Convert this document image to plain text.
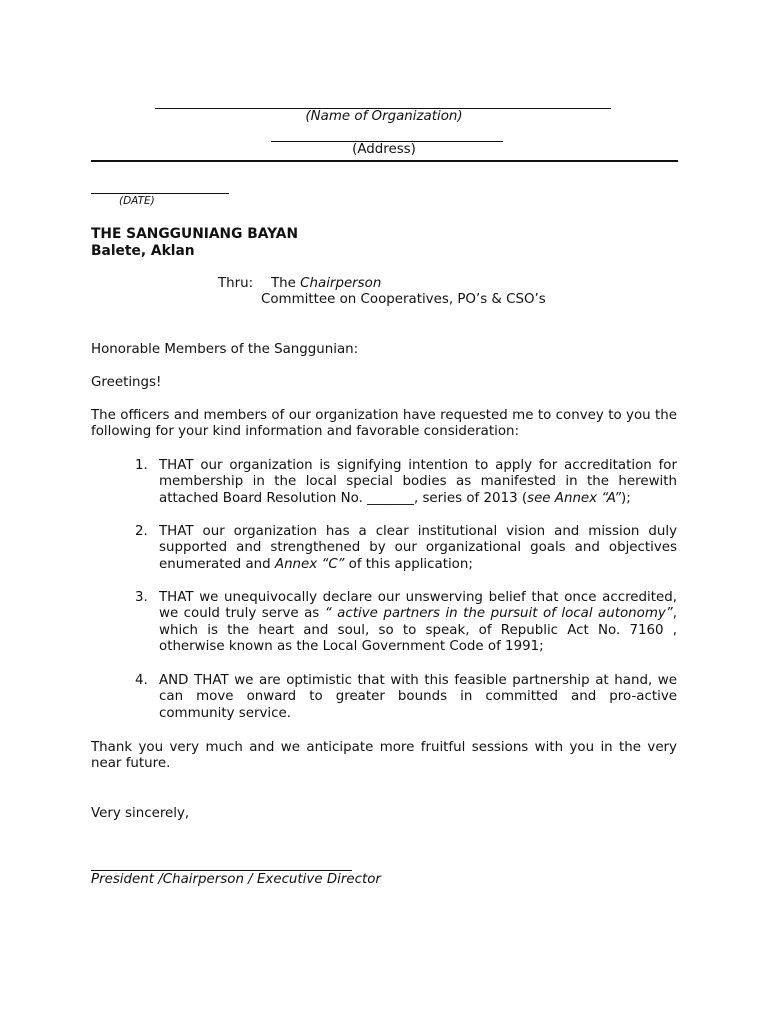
(Name of Organization)
(Address)
(DATE)
THE SANGGUNIANG BAYAN
Balete, Aklan
Thru: The Chairperson
Committee on Cooperatives, PO’s & CSO’s
Honorable Members of the Sanggunian:
Greetings!
The officers and members of our organization have requested me to convey to you the following for your kind information and favorable consideration:
1. THAT our organization is signifying intention to apply for accreditation for membership in the local special bodies as manifested in the herewith attached Board Resolution No. _______, series of 2013 (see Annex “A”);
2. THAT our organization has a clear institutional vision and mission duly supported and strengthened by our organizational goals and objectives enumerated and Annex “C” of this application;
3. THAT we unequivocally declare our unswerving belief that once accredited, we could truly serve as “ active partners in the pursuit of local autonomy”, which is the heart and soul, so to speak, of Republic Act No. 7160 , otherwise known as the Local Government Code of 1991;
4. AND THAT we are optimistic that with this feasible partnership at hand, we can move onward to greater bounds in committed and pro-active community service.
Thank you very much and we anticipate more fruitful sessions with you in the very near future.
Very sincerely,
President /Chairperson / Executive Director
